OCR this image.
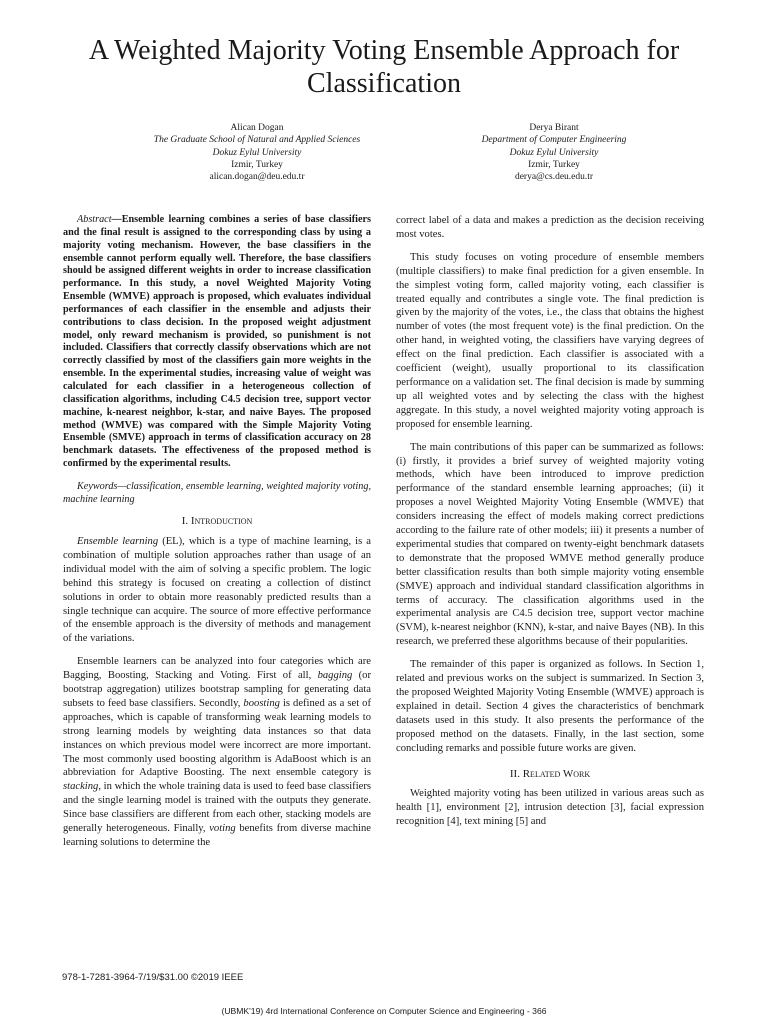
A Weighted Majority Voting Ensemble Approach for Classification
Alican Dogan
The Graduate School of Natural and Applied Sciences
Dokuz Eylul University
Izmir, Turkey
alican.dogan@deu.edu.tr
Derya Birant
Department of Computer Engineering
Dokuz Eylul University
Izmir, Turkey
derya@cs.deu.edu.tr

Abstract—Ensemble learning combines a series of base classifiers and the final result is assigned to the corresponding class by using a majority voting mechanism. However, the base classifiers in the ensemble cannot perform equally well. Therefore, the base classifiers should be assigned different weights in order to increase classification performance. In this study, a novel Weighted Majority Voting Ensemble (WMVE) approach is proposed, which evaluates individual performances of each classifier in the ensemble and adjusts their contributions to class decision. In the proposed weight adjustment model, only reward mechanism is provided, so punishment is not included. Classifiers that correctly classify observations which are not correctly classified by most of the classifiers gain more weights in the ensemble. In the experimental studies, increasing value of weight was calculated for each classifier in a heterogeneous collection of classification algorithms, including C4.5 decision tree, support vector machine, k-nearest neighbor, k-star, and naive Bayes. The proposed method (WMVE) was compared with the Simple Majority Voting Ensemble (SMVE) approach in terms of classification accuracy on 28 benchmark datasets. The effectiveness of the proposed method is confirmed by the experimental results.

Keywords—classification, ensemble learning, weighted majority voting, machine learning

I. Introduction

Ensemble learning (EL), which is a type of machine learning, is a combination of multiple solution approaches rather than usage of an individual model with the aim of solving a specific problem. The logic behind this strategy is focused on creating a collection of distinct solutions in order to obtain more reasonably predicted results than a single technique can acquire. The source of more effective performance of the ensemble approach is the diversity of methods and management of the variations.

Ensemble learners can be analyzed into four categories which are Bagging, Boosting, Stacking and Voting. First of all, bagging (or bootstrap aggregation) utilizes bootstrap sampling for generating data subsets to feed base classifiers. Secondly, boosting is defined as a set of approaches, which is capable of transforming weak learning models to strong learning models by weighting data instances so that data instances on which previous model were incorrect are more important. The most commonly used boosting algorithm is AdaBoost which is an abbreviation for Adaptive Boosting. The next ensemble category is stacking, in which the whole training data is used to feed base classifiers and the single learning model is trained with the outputs they generate. Since base classifiers are different from each other, stacking models are generally heterogeneous. Finally, voting benefits from diverse machine learning solutions to determine the

correct label of a data and makes a prediction as the decision receiving most votes.

This study focuses on voting procedure of ensemble members (multiple classifiers) to make final prediction for a given ensemble. In the simplest voting form, called majority voting, each classifier is treated equally and contributes a single vote. The final prediction is given by the majority of the votes, i.e., the class that obtains the highest number of votes (the most frequent vote) is the final prediction. On the other hand, in weighted voting, the classifiers have varying degrees of effect on the final prediction. Each classifier is associated with a coefficient (weight), usually proportional to its classification performance on a validation set. The final decision is made by summing up all weighted votes and by selecting the class with the highest aggregate. In this study, a novel weighted majority voting approach is proposed for ensemble learning.

The main contributions of this paper can be summarized as follows: (i) firstly, it provides a brief survey of weighted majority voting methods, which have been introduced to improve prediction performance of the standard ensemble learning approaches; (ii) it proposes a novel Weighted Majority Voting Ensemble (WMVE) that considers increasing the effect of models making correct predictions according to the failure rate of other models; iii) it presents a number of experimental studies that compared on twenty-eight benchmark datasets to demonstrate that the proposed WMVE method generally produce better classification results than both simple majority voting ensemble (SMVE) approach and individual standard classification algorithms in terms of accuracy. The classification algorithms used in the experimental analysis are C4.5 decision tree, support vector machine (SVM), k-nearest neighbor (KNN), k-star, and naive Bayes (NB). In this research, we preferred these algorithms because of their popularities.

The remainder of this paper is organized as follows. In Section 1, related and previous works on the subject is summarized. In Section 3, the proposed Weighted Majority Voting Ensemble (WMVE) approach is explained in detail. Section 4 gives the characteristics of benchmark datasets used in this study. It also presents the performance of the proposed method on the datasets. Finally, in the last section, some concluding remarks and possible future works are given.

II. Related Work

Weighted majority voting has been utilized in various areas such as health [1], environment [2], intrusion detection [3], facial expression recognition [4], text mining [5] and

978-1-7281-3964-7/19/$31.00 ©2019 IEEE
(UBMK'19) 4rd International Conference on Computer Science and Engineering - 366
